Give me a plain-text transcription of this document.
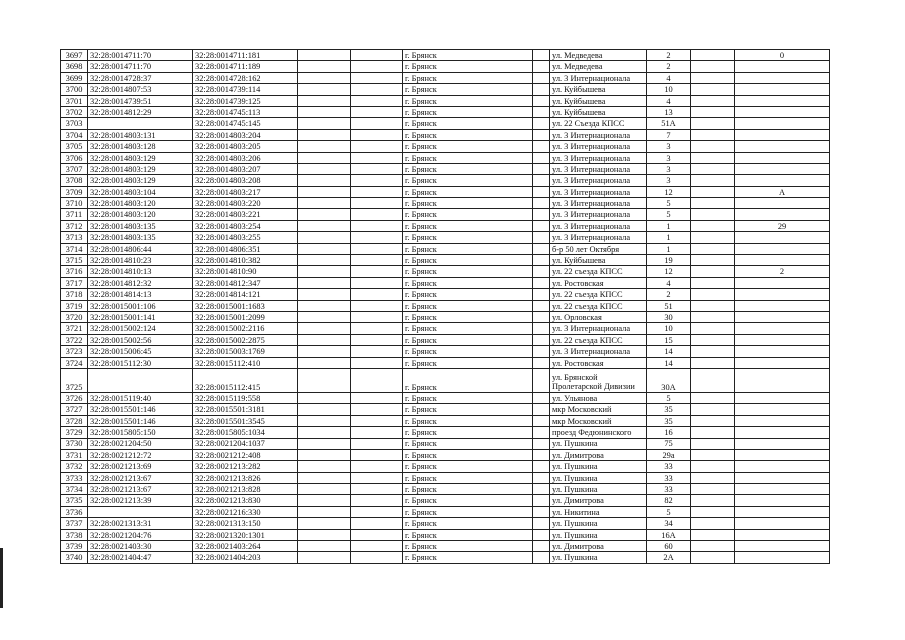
3697	32:28:0014711:70	32:28:0014711:181			г. Брянск		ул. Медведева	2		0
3698	32:28:0014711:70	32:28:0014711:189			г. Брянск		ул. Медведева	2		
3699	32:28:0014728:37	32:28:0014728:162			г. Брянск		ул. 3 Интернационала	4		
3700	32:28:0014807:53	32:28:0014739:114			г. Брянск		ул. Куйбышева	10		
3701	32:28:0014739:51	32:28:0014739:125			г. Брянск		ул. Куйбышева	4		
3702	32:28:0014812:29	32:28:0014745:113			г. Брянск		ул. Куйбышева	13		
3703		32:28:0014745:145			г. Брянск		ул. 22 Съезда КПСС	51А		
3704	32:28:0014803:131	32:28:0014803:204			г. Брянск		ул. 3 Интернационала	7		
3705	32:28:0014803:128	32:28:0014803:205			г. Брянск		ул. 3 Интернационала	3		
3706	32:28:0014803:129	32:28:0014803:206			г. Брянск		ул. 3 Интернационала	3		
3707	32:28:0014803:129	32:28:0014803:207			г. Брянск		ул. 3 Интернационала	3		
3708	32:28:0014803:129	32:28:0014803:208			г. Брянск		ул. 3 Интернационала	3		
3709	32:28:0014803:104	32:28:0014803:217			г. Брянск		ул. 3 Интернационала	12		А
3710	32:28:0014803:120	32:28:0014803:220			г. Брянск		ул. 3 Интернационала	5		
3711	32:28:0014803:120	32:28:0014803:221			г. Брянск		ул. 3 Интернационала	5		
3712	32:28:0014803:135	32:28:0014803:254			г. Брянск		ул. 3 Интернационала	1		29
3713	32:28:0014803:135	32:28:0014803:255			г. Брянск		ул. 3 Интернационала	1		
3714	32:28:0014806:44	32:28:0014806:351			г. Брянск		б-р 50 лет Октября	1		
3715	32:28:0014810:23	32:28:0014810:382			г. Брянск		ул. Куйбышева	19		
3716	32:28:0014810:13	32:28:0014810:90			г. Брянск		ул. 22 съезда КПСС	12		2
3717	32:28:0014812:32	32:28:0014812:347			г. Брянск		ул. Ростовская	4		
3718	32:28:0014814:13	32:28:0014814:121			г. Брянск		ул. 22 съезда КПСС	2		
3719	32:28:0015001:106	32:28:0015001:1683			г. Брянск		ул. 22 съезда КПСС	51		
3720	32:28:0015001:141	32:28:0015001:2099			г. Брянск		ул. Орловская	30		
3721	32:28:0015002:124	32:28:0015002:2116			г. Брянск		ул. 3 Интернационала	10		
3722	32:28:0015002:56	32:28:0015002:2875			г. Брянск		ул. 22 съезда КПСС	15		
3723	32:28:0015006:45	32:28:0015003:1769			г. Брянск		ул. 3 Интернационала	14		
3724	32:28:0015112:30	32:28:0015112:410			г. Брянск		ул. Ростовская	14		
3725		32:28:0015112:415			г. Брянск		ул. Брянской Пролетарской Дивизии	30А		
3726	32:28:0015119:40	32:28:0015119:558			г. Брянск		ул. Ульянова	5		
3727	32:28:0015501:146	32:28:0015501:3181			г. Брянск		мкр Московский	35		
3728	32:28:0015501:146	32:28:0015501:3545			г. Брянск		мкр Московский	35		
3729	32:28:0015805:150	32:28:0015805:1034			г. Брянск		проезд Федюнинского	16		
3730	32:28:0021204:50	32:28:0021204:1037			г. Брянск		ул. Пушкина	75		
3731	32:28:0021212:72	32:28:0021212:408			г. Брянск		ул. Димитрова	29а		
3732	32:28:0021213:69	32:28:0021213:282			г. Брянск		ул. Пушкина	33		
3733	32:28:0021213:67	32:28:0021213:826			г. Брянск		ул. Пушкина	33		
3734	32:28:0021213:67	32:28:0021213:828			г. Брянск		ул. Пушкина	33		
3735	32:28:0021213:39	32:28:0021213:830			г. Брянск		ул. Димитрова	82		
3736		32:28:0021216:330			г. Брянск		ул. Никитина	5		
3737	32:28:0021313:31	32:28:0021313:150			г. Брянск		ул. Пушкина	34		
3738	32:28:0021204:76	32:28:0021320:1301			г. Брянск		ул. Пушкина	16А		
3739	32:28:0021403:30	32:28:0021403:264			г. Брянск		ул. Димитрова	60		
3740	32:28:0021404:47	32:28:0021404:203			г. Брянск		ул. Пушкина	2А		
